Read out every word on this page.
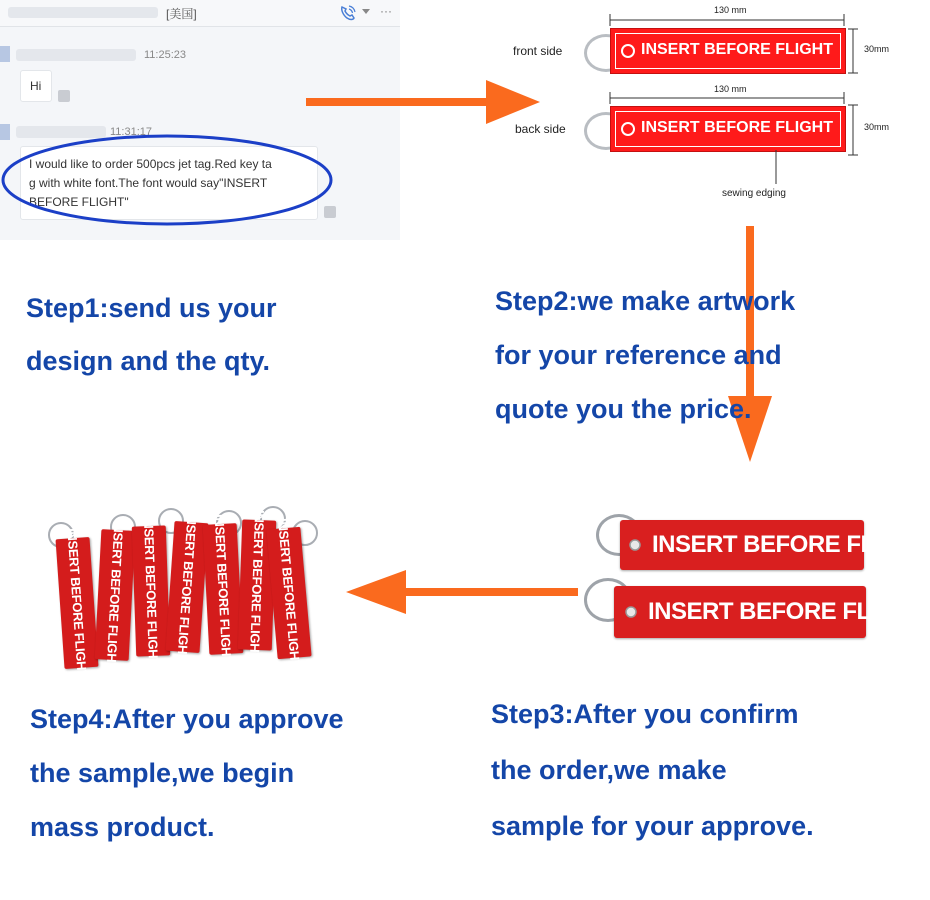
[美国]	···
11:25:23
Hi
11:31:17
I would like to order 500pcs jet tag.Red key ta
g with white font.The font would say"INSERT
BEFORE FLIGHT"
front side
back side
130 mm
INSERT BEFORE FLIGHT	30mm
130 mm
INSERT BEFORE FLIGHT	30mm
sewing edging
Step1:send us your
design and the qty.
Step2:we make artwork
for your reference and
quote you the price.
Step3:After you confirm
the order,we make
sample for your approve.
Step4:After you approve
the sample,we begin
mass product.
INSERT BEFORE FLIGHT
INSERT BEFORE FLIGHT
INSERT BEFORE FLIGHT INSERT BEFORE FLIGHT INSERT BEFORE FLIGHT INSERT BEFORE FLIGHT INSERT BEFORE FLIGHT INSERT BEFORE FLIGHT INSERT BEFORE FLIGHT
